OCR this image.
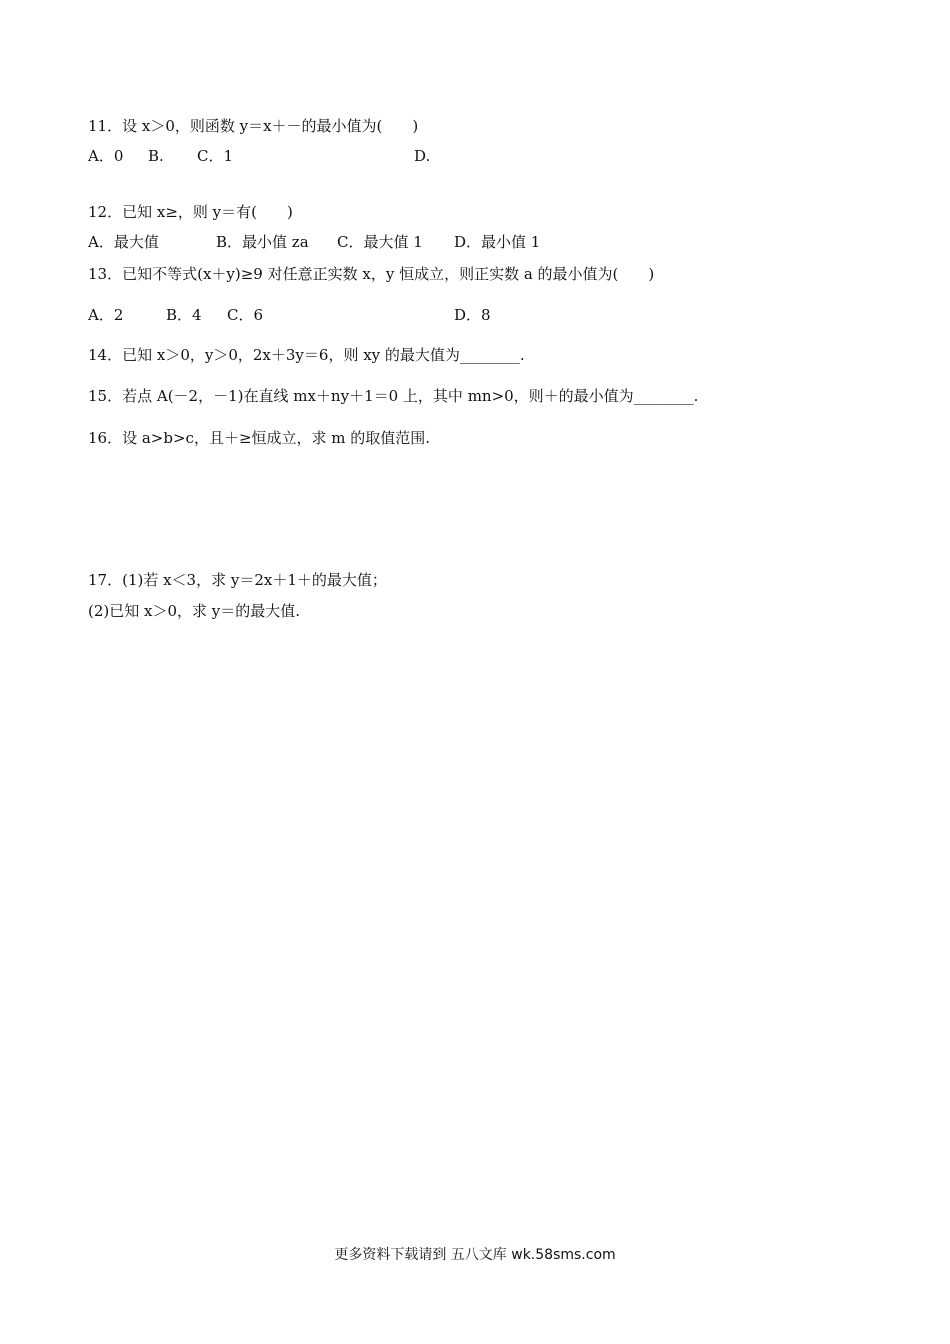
11．设 x＞0，则函数 y＝x＋－的最小值为(　　)
A．0 B. C．1	D.
12．已知 x≥，则 y＝有(　　)
A．最大值	B．最小值 za C．最大值 1 D．最小值 1
13．已知不等式(x＋y)≥9 对任意正实数 x，y 恒成立，则正实数 a 的最小值为(　　)
A．2	B．4 C．6	D．8
14．已知 x＞0，y＞0，2x＋3y＝6，则 xy 的最大值为________.
15．若点 A(－2，－1)在直线 mx＋ny＋1＝0 上，其中 mn>0，则＋的最小值为________.
16．设 a>b>c，且＋≥恒成立，求 m 的取值范围.
17．(1)若 x＜3，求 y＝2x＋1＋的最大值；
(2)已知 x＞0，求 y＝的最大值.
更多资料下载请到 五八文库 wk.58sms.com
